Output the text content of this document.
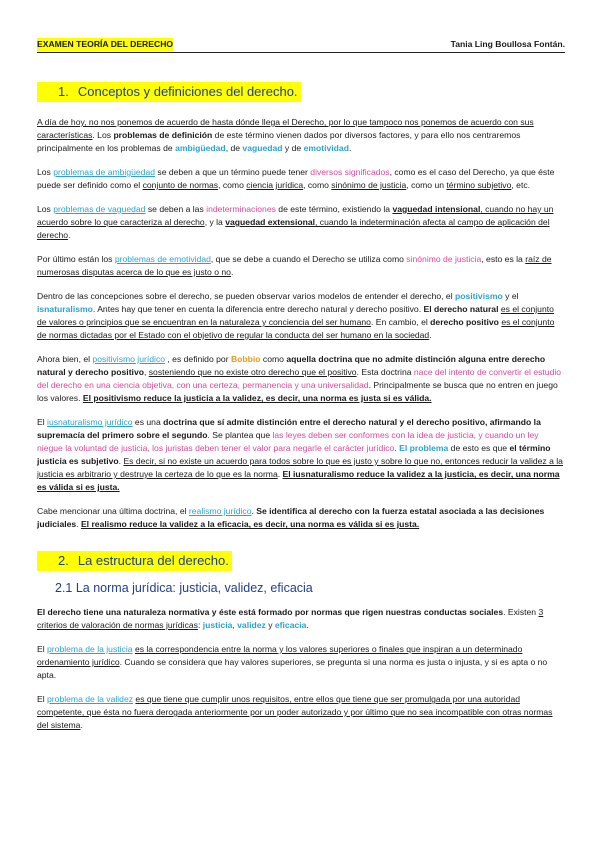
EXAMEN TEORÍA DEL DERECHO	Tania Ling Boullosa Fontán.
1. Conceptos y definiciones del derecho.

A día de hoy, no nos ponemos de acuerdo de hasta dónde llega el Derecho, por lo que tampoco nos ponemos de acuerdo con sus características. Los problemas de definición de este término vienen dados por diversos factores, y para ello nos centraremos principalmente en los problemas de ambigüedad, de vaguedad y de emotividad.

Los problemas de ambigüedad se deben a que un término puede tener diversos significados, como es el caso del Derecho, ya que éste puede ser definido como el conjunto de normas, como ciencia jurídica, como sinónimo de justicia, como un término subjetivo, etc.

Los problemas de vaguedad se deben a las indeterminaciones de este término, existiendo la vaguedad intensional, cuando no hay un acuerdo sobre lo que caracteriza al derecho, y la vaguedad extensional, cuando la indeterminación afecta al campo de aplicación del derecho.

Por último están los problemas de emotividad, que se debe a cuando el Derecho se utiliza como sinónimo de justicia, esto es la raíz de numerosas disputas acerca de lo que es justo o no.

Dentro de las concepciones sobre el derecho, se pueden observar varios modelos de entender el derecho, el positivismo y el isnaturalismo. Antes hay que tener en cuenta la diferencia entre derecho natural y derecho positivo. El derecho natural es el conjunto de valores o principios que se encuentran en la naturaleza y conciencia del ser humano. En cambio, el derecho positivo es el conjunto de normas dictadas por el Estado con el objetivo de regular la conducta del ser humano en la sociedad.

Ahora bien, el positivismo jurídico , es definido por Bobbio como aquella doctrina que no admite distinción alguna entre derecho natural y derecho positivo, sosteniendo que no existe otro derecho que el positivo. Esta doctrina nace del intento de convertir el estudio del derecho en una ciencia objetiva, con una certeza, permanencia y una universalidad. Principalmente se busca que no entren en juego los valores. El positivismo reduce la justicia a la validez, es decir, una norma es justa si es válida.

El iusnaturalismo jurídico es una doctrina que sí admite distinción entre el derecho natural y el derecho positivo, afirmando la supremacía del primero sobre el segundo. Se plantea que las leyes deben ser conformes con la idea de justicia, y cuando un ley niegue la voluntad de justicia, los juristas deben tener el valor para negarle el carácter jurídico. El problema de esto es que el término justicia es subjetivo. Es decir, si no existe un acuerdo para todos sobre lo que es justo y sobre lo que no, entonces reducir la validez a la justicia es arbitrario y destruye la certeza de lo que es la norma. El iusnaturalismo reduce la validez a la justicia, es decir, una norma es válida si es justa.

Cabe mencionar una última doctrina, el realismo jurídico. Se identifica al derecho con la fuerza estatal asociada a las decisiones judiciales. El realismo reduce la validez a la eficacia, es decir, una norma es válida si es justa.

2. La estructura del derecho.
2.1 La norma jurídica: justicia, validez, eficacia

El derecho tiene una naturaleza normativa y éste está formado por normas que rigen nuestras conductas sociales. Existen 3 criterios de valoración de normas jurídicas: justicia, validez y eficacia.

El problema de la justicia es la correspondencia entre la norma y los valores superiores o finales que inspiran a un determinado ordenamiento jurídico. Cuando se considera que hay valores superiores, se pregunta si una norma es justa o injusta, y si es apta o no apta.

El problema de la validez es que tiene que cumplir unos requisitos, entre ellos que tiene que ser promulgada por una autoridad competente, que ésta no fuera derogada anteriormente por un poder autorizado y por último que no sea incompatible con otras normas del sistema.
